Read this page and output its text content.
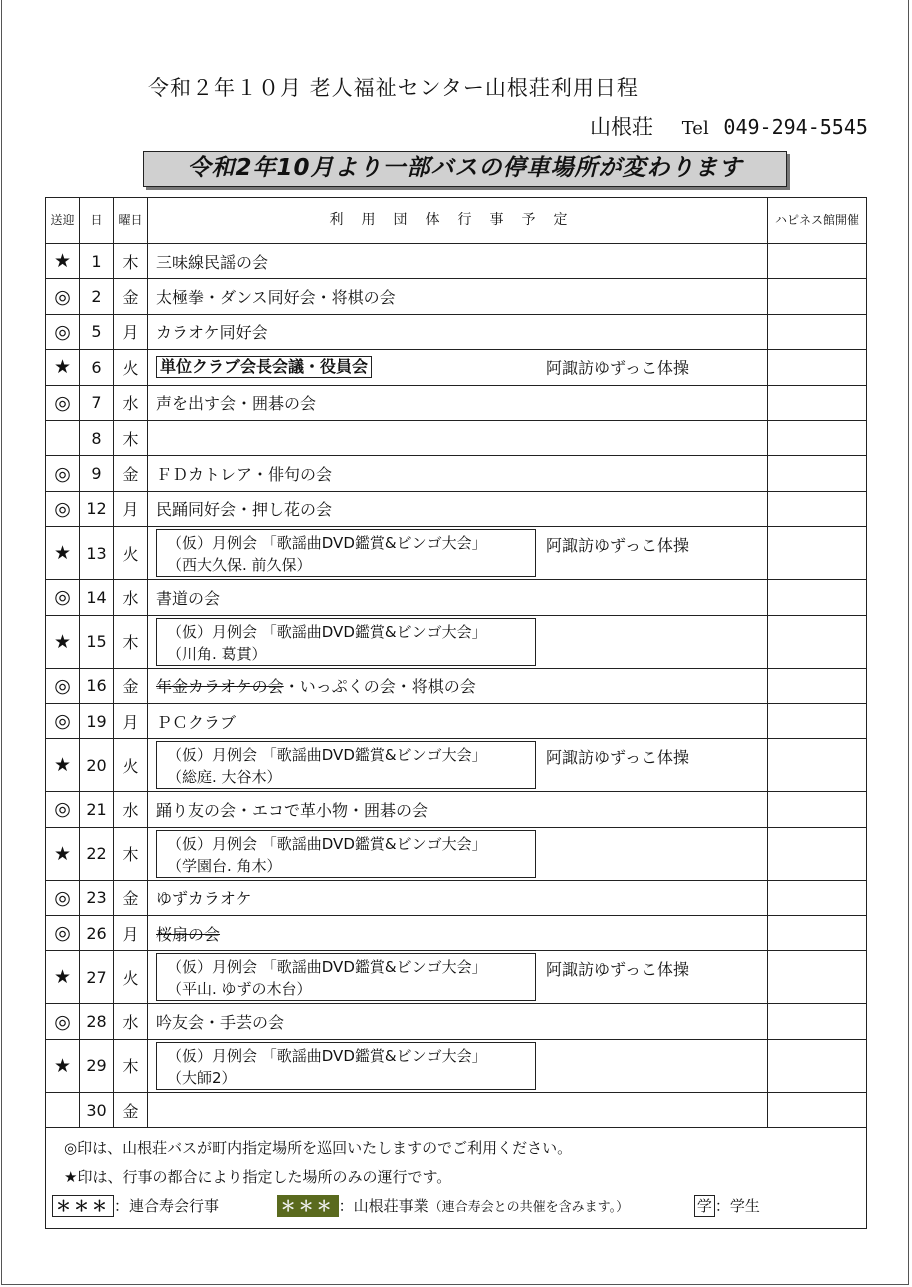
令和２年１０月 老人福祉センター山根荘利用日程
山根荘 Tel 049-294-5545
令和2年10月より一部バスの停車場所が変わります
送迎	日	曜日	利用団体行事予定	ハピネス館開催
★	1	木	三味線民謡の会	
◎	2	金	太極拳・ダンス同好会・将棋の会	
◎	5	月	カラオケ同好会	
★	6	火	単位クラブ会長会議・役員会 阿諏訪ゆずっこ体操	

◎	7	水	声を出す会・囲碁の会	
	8	木		
◎	9	金	ＦＤカトレア・俳句の会	
◎	12	月	民踊同好会・押し花の会	
★	13	火	（仮）月例会 「歌謡曲DVD鑑賞&ビンゴ大会」
（西大久保. 前久保）
阿諏訪ゆずっこ体操	

◎	14	水	書道の会	
★	15	木	（仮）月例会 「歌謡曲DVD鑑賞&ビンゴ大会」
（川角. 葛貫）	

◎	16	金	年金カラオケの会・いっぷくの会・将棋の会	
◎	19	月	ＰＣクラブ	
★	20	火	（仮）月例会 「歌謡曲DVD鑑賞&ビンゴ大会」
（総庭. 大谷木）
阿諏訪ゆずっこ体操	

◎	21	水	踊り友の会・エコで革小物・囲碁の会	
★	22	木	（仮）月例会 「歌謡曲DVD鑑賞&ビンゴ大会」
（学園台. 角木）	

◎	23	金	ゆずカラオケ	
◎	26	月	桜扇の会	
★	27	火	（仮）月例会 「歌謡曲DVD鑑賞&ビンゴ大会」
（平山. ゆずの木台）
阿諏訪ゆずっこ体操	

◎	28	水	吟友会・手芸の会	
★	29	木	（仮）月例会 「歌謡曲DVD鑑賞&ビンゴ大会」
（大師2）	

	30	金		

◎印は、山根荘バスが町内指定場所を巡回いたしますのでご利用ください。
★印は、行事の都合により指定した場所のみの運行です。
＊＊＊ ：連合寿会行事 ＊＊＊ ：山根荘事業（連合寿会との共催を含みます。） 学 ：学生				
